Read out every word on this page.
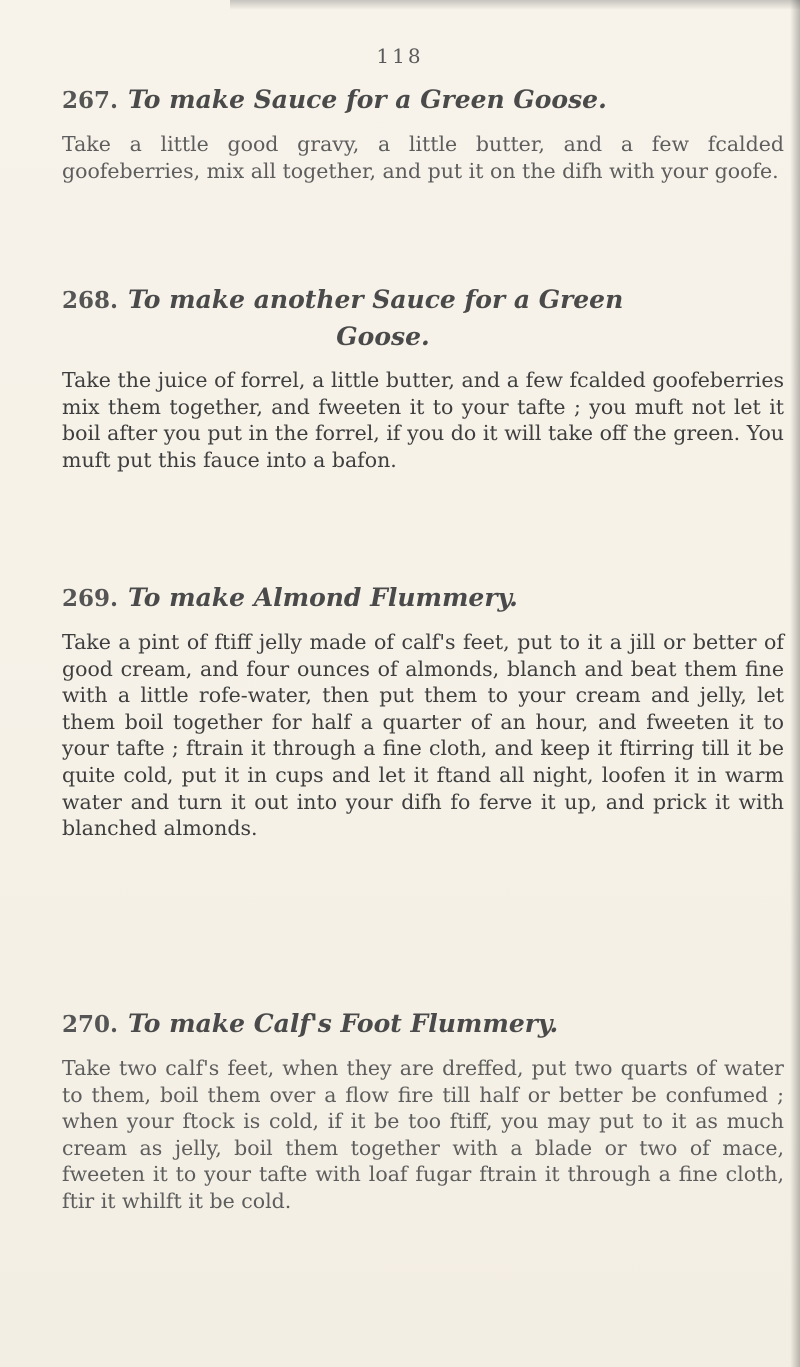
118
267. To make Sauce for a Green Goose.

Take a little good gravy, a little butter, and a few fcalded goofeberries, mix all together, and put it on the difh with your goofe.

268. To make another Sauce for a Green
Goose.

Take the juice of forrel, a little butter, and a few fcalded goofeberries mix them together, and fweeten it to your tafte ; you muft not let it boil after you put in the forrel, if you do it will take off the green. You muft put this fauce into a bafon.

269. To make Almond Flummery.

Take a pint of ftiff jelly made of calf's feet, put to it a jill or better of good cream, and four ounces of almonds, blanch and beat them fine with a little rofe-water, then put them to your cream and jelly, let them boil together for half a quarter of an hour, and fweeten it to your tafte ; ftrain it through a fine cloth, and keep it ftirring till it be quite cold, put it in cups and let it ftand all night, loofen it in warm water and turn it out into your difh fo ferve it up, and prick it with blanched almonds.

270. To make Calf's Foot Flummery.

Take two calf's feet, when they are dreffed, put two quarts of water to them, boil them over a flow fire till half or better be confumed ; when your ftock is cold, if it be too ftiff, you may put to it as much cream as jelly, boil them together with a blade or two of mace, fweeten it to your tafte with loaf fugar ftrain it through a fine cloth, ftir it whilft it be cold.
